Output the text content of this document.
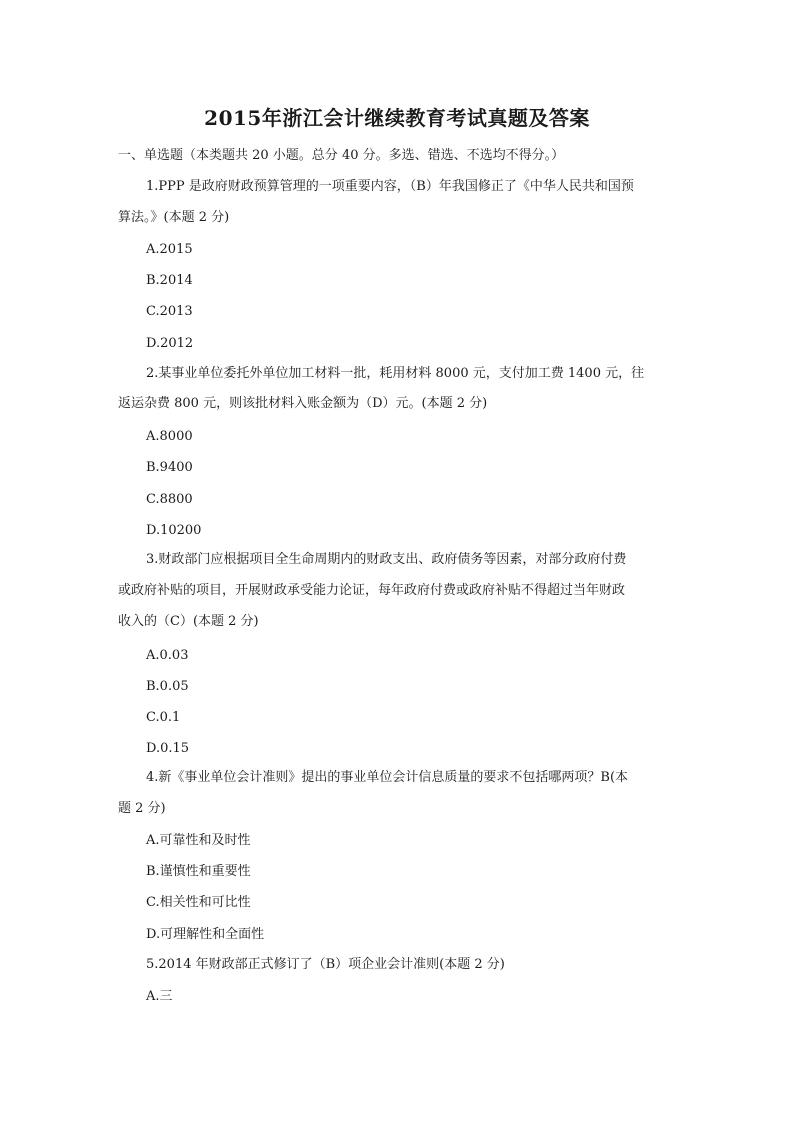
2015年浙江会计继续教育考试真题及答案
一、单选题（本类题共 20 小题。总分 40 分。多选、错选、不选均不得分。）
1.PPP 是政府财政预算管理的一项重要内容，（B）年我国修正了《中华人民共和国预
算法。》(本题 2 分)
A.2015
B.2014
C.2013
D.2012
2.某事业单位委托外单位加工材料一批，耗用材料 8000 元，支付加工费 1400 元，往
返运杂费 800 元，则该批材料入账金额为（D）元。(本题 2 分)
A.8000
B.9400
C.8800
D.10200
3.财政部门应根据项目全生命周期内的财政支出、政府债务等因素，对部分政府付费
或政府补贴的项目，开展财政承受能力论证，每年政府付费或政府补贴不得超过当年财政
收入的（C）(本题 2 分)
A.0.03
B.0.05
C.0.1
D.0.15
4.新《事业单位会计准则》提出的事业单位会计信息质量的要求不包括哪两项？B(本
题 2 分)
A.可靠性和及时性
B.谨慎性和重要性
C.相关性和可比性
D.可理解性和全面性
5.2014 年财政部正式修订了（B）项企业会计准则(本题 2 分)
A.三
